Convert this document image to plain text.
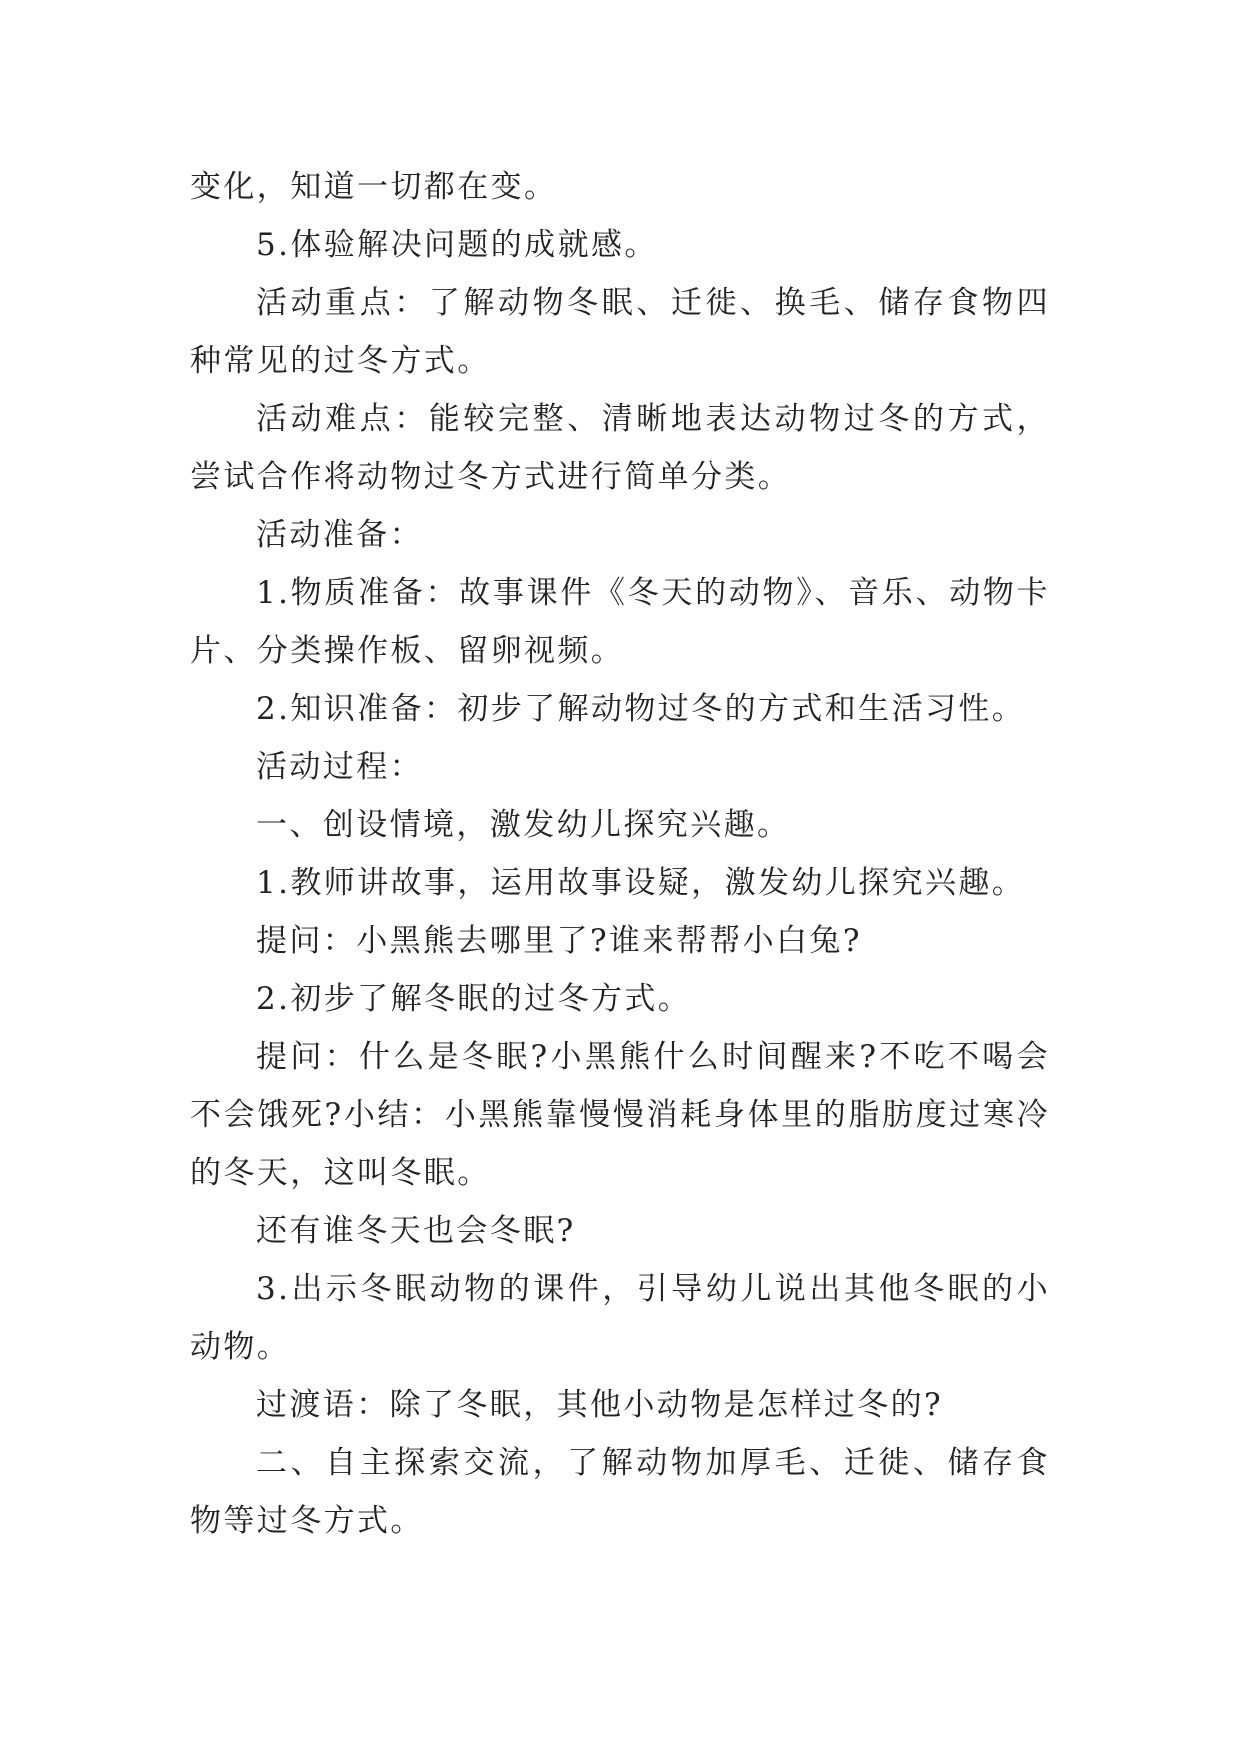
变化，知道一切都在变。

5.体验解决问题的成就感。

活动重点：了解动物冬眠、迁徙、换毛、储存食物四种常见的过冬方式。

活动难点：能较完整、清晰地表达动物过冬的方式，尝试合作将动物过冬方式进行简单分类。

活动准备：

1.物质准备：故事课件《冬天的动物》、音乐、动物卡片、分类操作板、留卵视频。

2.知识准备：初步了解动物过冬的方式和生活习性。

活动过程：

一、创设情境，激发幼儿探究兴趣。

1.教师讲故事，运用故事设疑，激发幼儿探究兴趣。

提问：小黑熊去哪里了?谁来帮帮小白兔?

2.初步了解冬眠的过冬方式。

提问：什么是冬眠?小黑熊什么时间醒来?不吃不喝会不会饿死?小结：小黑熊靠慢慢消耗身体里的脂肪度过寒冷的冬天，这叫冬眠。

还有谁冬天也会冬眠?

3.出示冬眠动物的课件，引导幼儿说出其他冬眠的小动物。

过渡语：除了冬眠，其他小动物是怎样过冬的?

二、自主探索交流，了解动物加厚毛、迁徙、储存食物等过冬方式。
